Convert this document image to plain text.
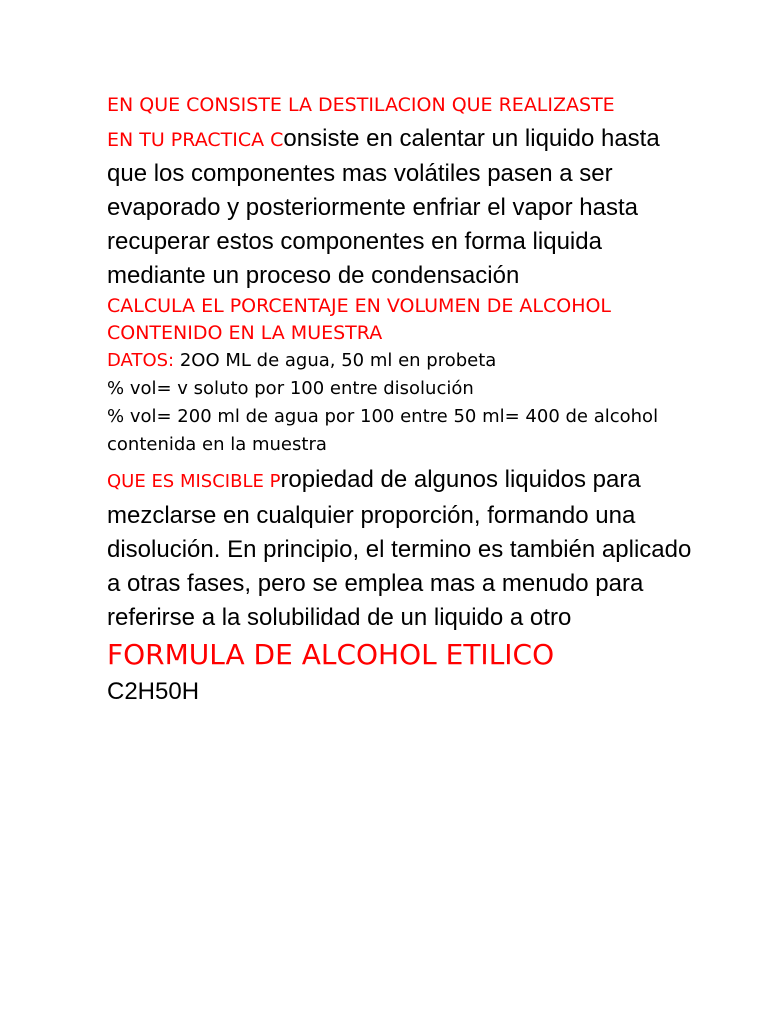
EN QUE CONSISTE LA DESTILACION QUE REALIZASTE
EN TU PRACTICA Consiste en calentar un liquido hasta que los componentes mas volátiles pasen a ser evaporado y posteriormente enfriar el vapor hasta recuperar estos componentes en forma liquida mediante un proceso de condensación

CALCULA EL PORCENTAJE EN VOLUMEN DE ALCOHOL CONTENIDO EN LA MUESTRA

DATOS: 2OO ML de agua, 50 ml en probeta

% vol= v soluto por 100 entre disolución

% vol= 200 ml de agua por 100 entre 50 ml= 400 de alcohol contenida en la muestra

QUE ES MISCIBLE Propiedad de algunos liquidos para mezclarse en cualquier proporción, formando una disolución. En principio, el termino es también aplicado a otras fases, pero se emplea mas a menudo para referirse a la solubilidad de un liquido a otro

FORMULA DE ALCOHOL ETILICO

C2H50H
